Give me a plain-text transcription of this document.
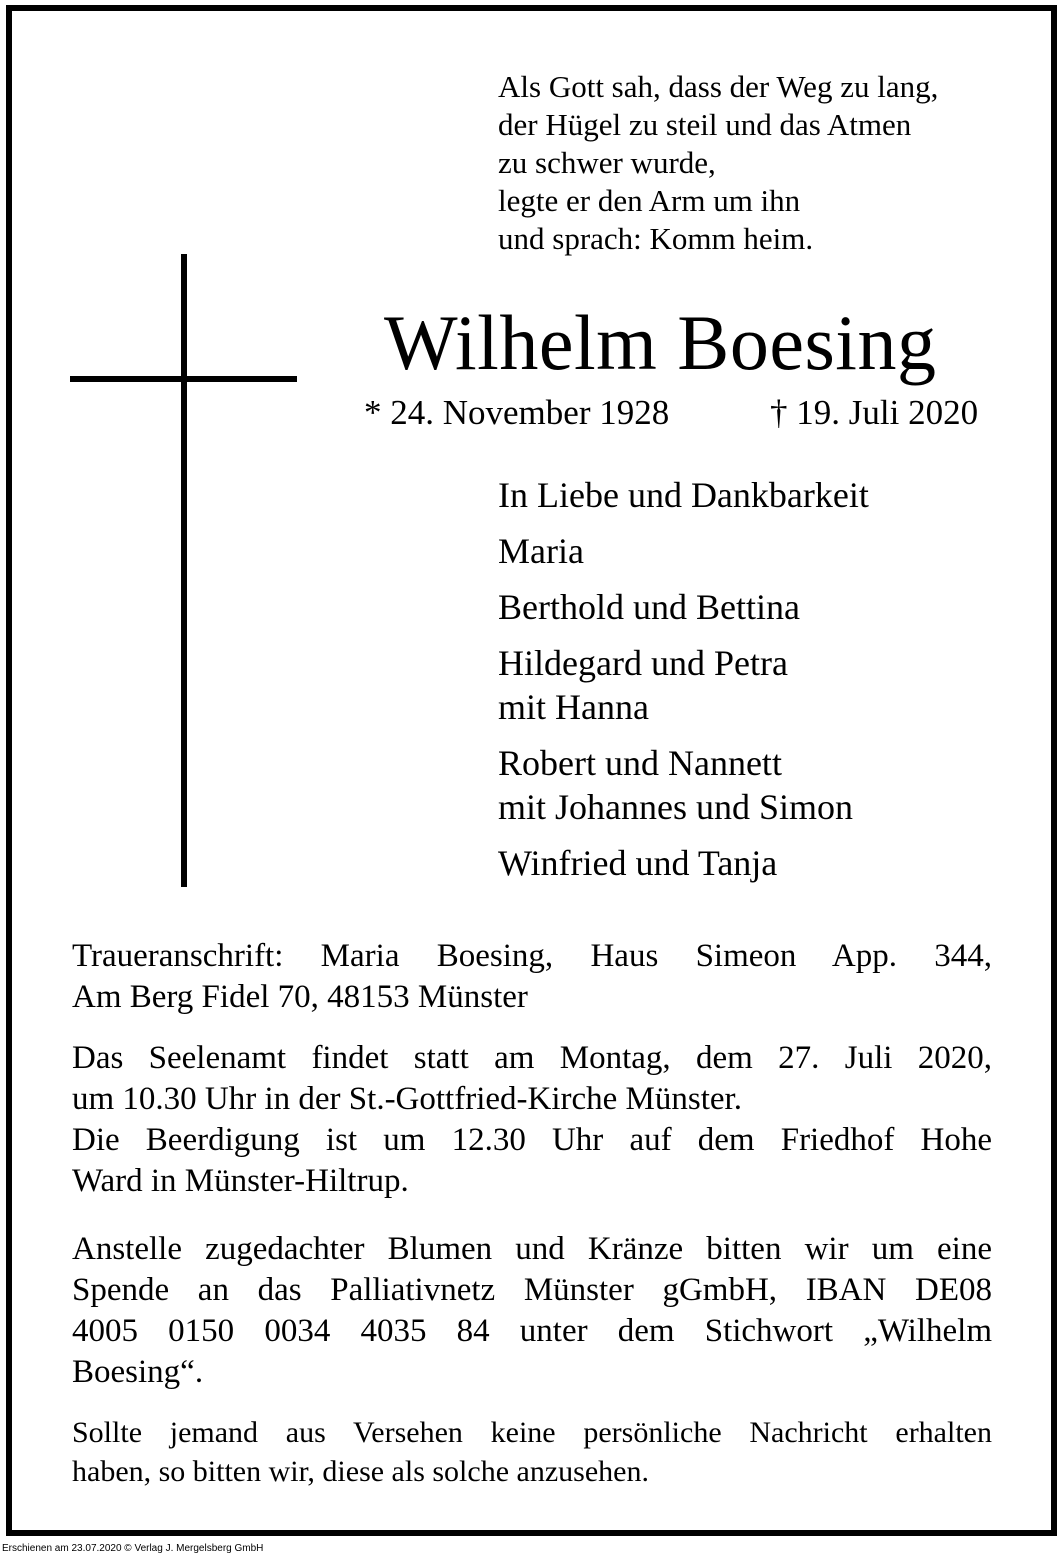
Als Gott sah, dass der Weg zu lang,
der Hügel zu steil und das Atmen
zu schwer wurde,
legte er den Arm um ihn
und sprach: Komm heim.
Wilhelm Boesing
* 24. November 1928	† 19. Juli 2020
In Liebe und Dankbarkeit
Maria
Berthold und Bettina
Hildegard und Petra
mit Hanna
Robert und Nannett
mit Johannes und Simon
Winfried und Tanja
Traueranschrift: Maria Boesing, Haus Simeon App. 344,
Am Berg Fidel 70, 48153 Münster
Das Seelenamt findet statt am Montag, dem 27. Juli 2020,
um 10.30 Uhr in der St.-Gottfried-Kirche Münster.
Die Beerdigung ist um 12.30 Uhr auf dem Friedhof Hohe
Ward in Münster-Hiltrup.
Anstelle zugedachter Blumen und Kränze bitten wir um eine
Spende an das Palliativnetz Münster gGmbH, IBAN DE08
4005 0150 0034 4035 84 unter dem Stichwort „Wilhelm
Boesing“.
Sollte jemand aus Versehen keine persönliche Nachricht erhalten
haben, so bitten wir, diese als solche anzusehen.
Erschienen am 23.07.2020 © Verlag J. Mergelsberg GmbH
